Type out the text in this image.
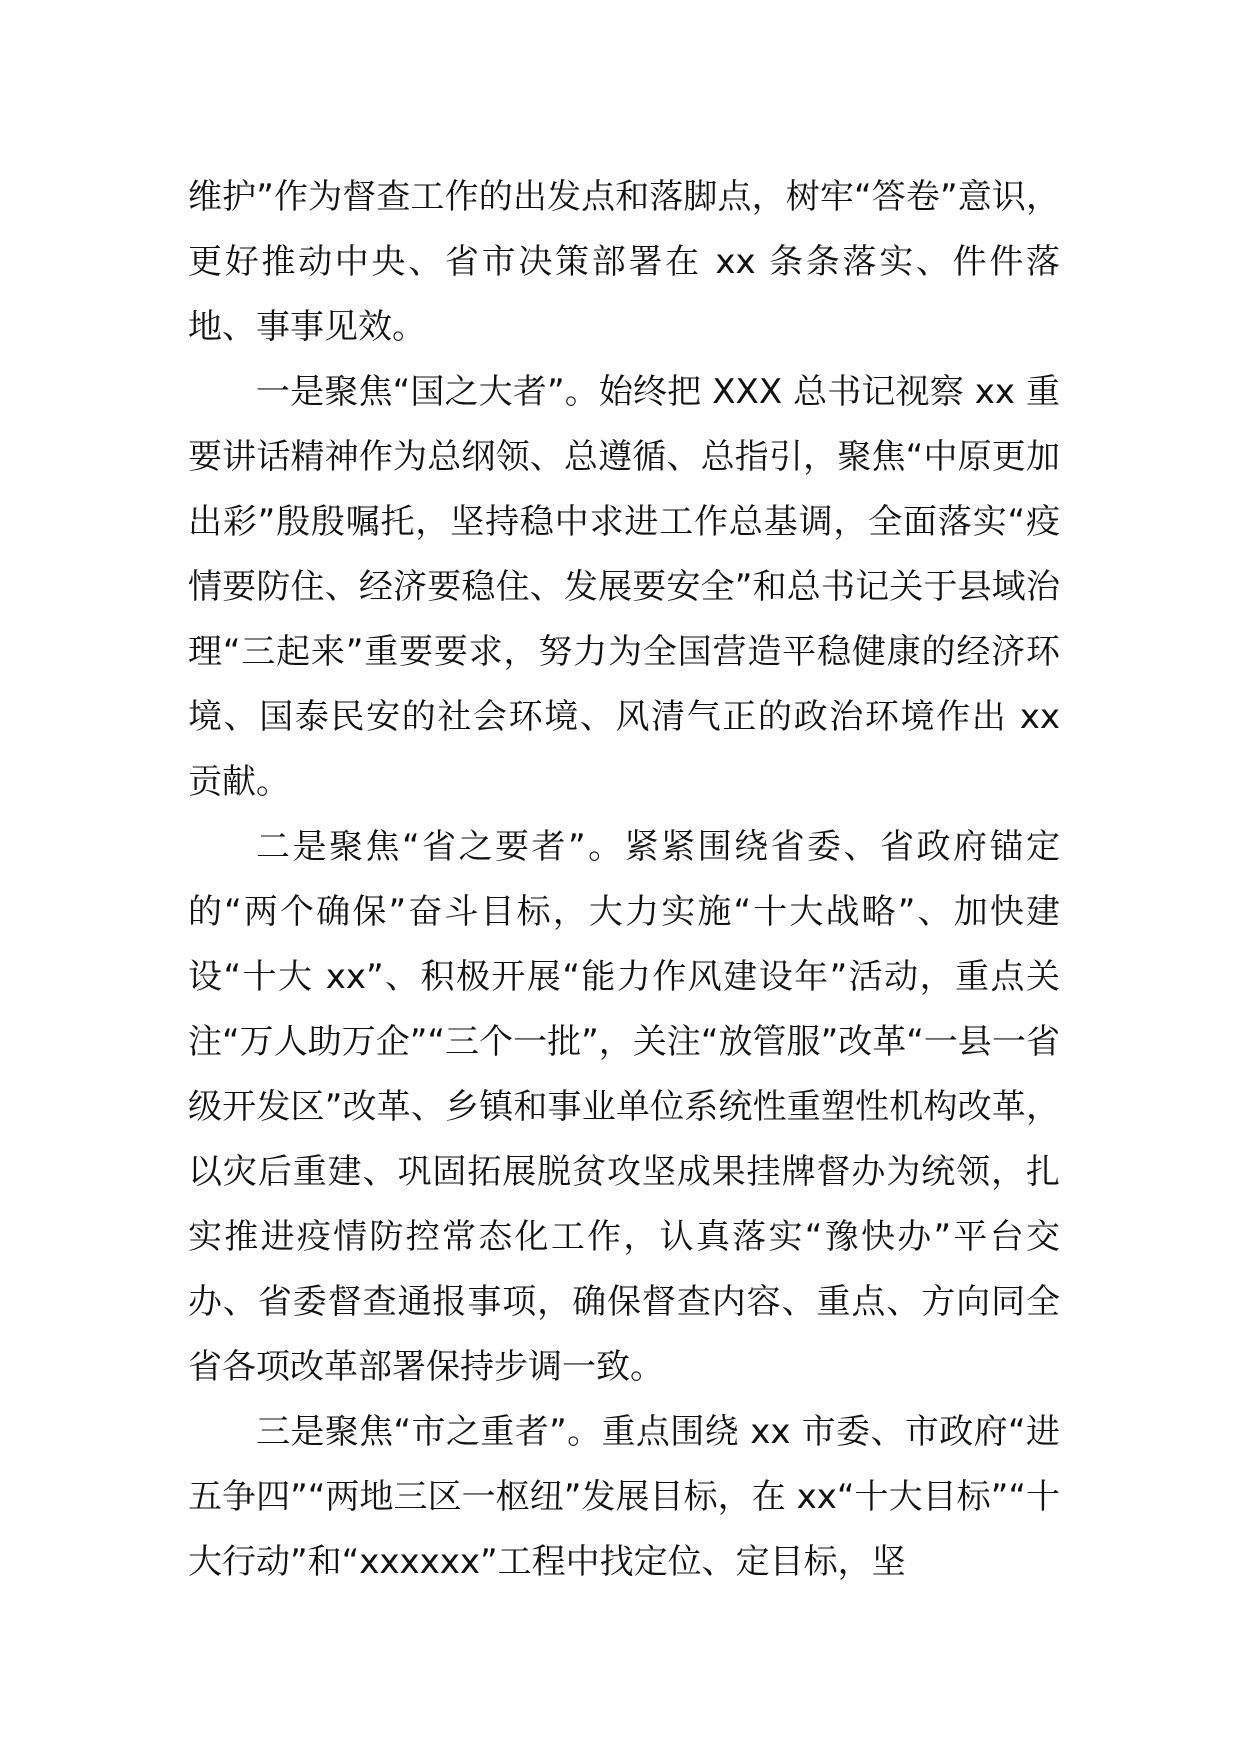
维护”作为督查工作的出发点和落脚点，树牢“答卷”意识，更好推动中央、省市决策部署在 xx 条条落实、件件落地、事事见效。

一是聚焦“国之大者”。始终把 XXX 总书记视察 xx 重要讲话精神作为总纲领、总遵循、总指引，聚焦“中原更加出彩”殷殷嘱托，坚持稳中求进工作总基调，全面落实“疫情要防住、经济要稳住、发展要安全”和总书记关于县域治理“三起来”重要要求，努力为全国营造平稳健康的经济环境、国泰民安的社会环境、风清气正的政治环境作出 xx 贡献。

二是聚焦“省之要者”。紧紧围绕省委、省政府锚定的“两个确保”奋斗目标，大力实施“十大战略”、加快建设“十大 xx”、积极开展“能力作风建设年”活动，重点关注“万人助万企”“三个一批”，关注“放管服”改革“一县一省级开发区”改革、乡镇和事业单位系统性重塑性机构改革，以灾后重建、巩固拓展脱贫攻坚成果挂牌督办为统领，扎实推进疫情防控常态化工作，认真落实“豫快办”平台交办、省委督查通报事项，确保督查内容、重点、方向同全省各项改革部署保持步调一致。

三是聚焦“市之重者”。重点围绕 xx 市委、市政府“进五争四”“两地三区一枢纽”发展目标，在 xx“十大目标”“十大行动”和“xxxxxx”工程中找定位、定目标，坚
